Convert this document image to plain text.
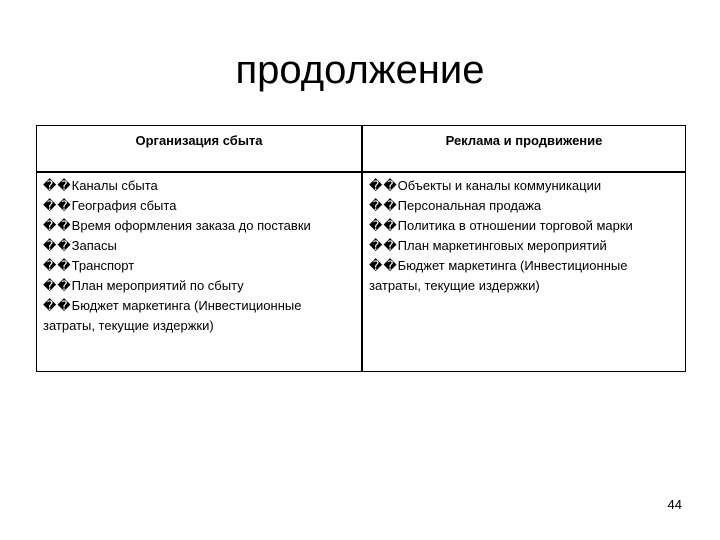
продолжение
Организация сбыта	Реклама и продвижение
��Каналы сбыта
��География сбыта
��Время оформления заказа до поставки
��Запасы
��Транспорт
��План мероприятий по сбыту
��Бюджет маркетинга (Инвестиционные затраты, текущие издержки)
��Объекты и каналы коммуникации
��Персональная продажа
��Политика в отношении торговой марки
��План маркетинговых мероприятий
��Бюджет маркетинга (Инвестиционные затраты, текущие издержки)
44
